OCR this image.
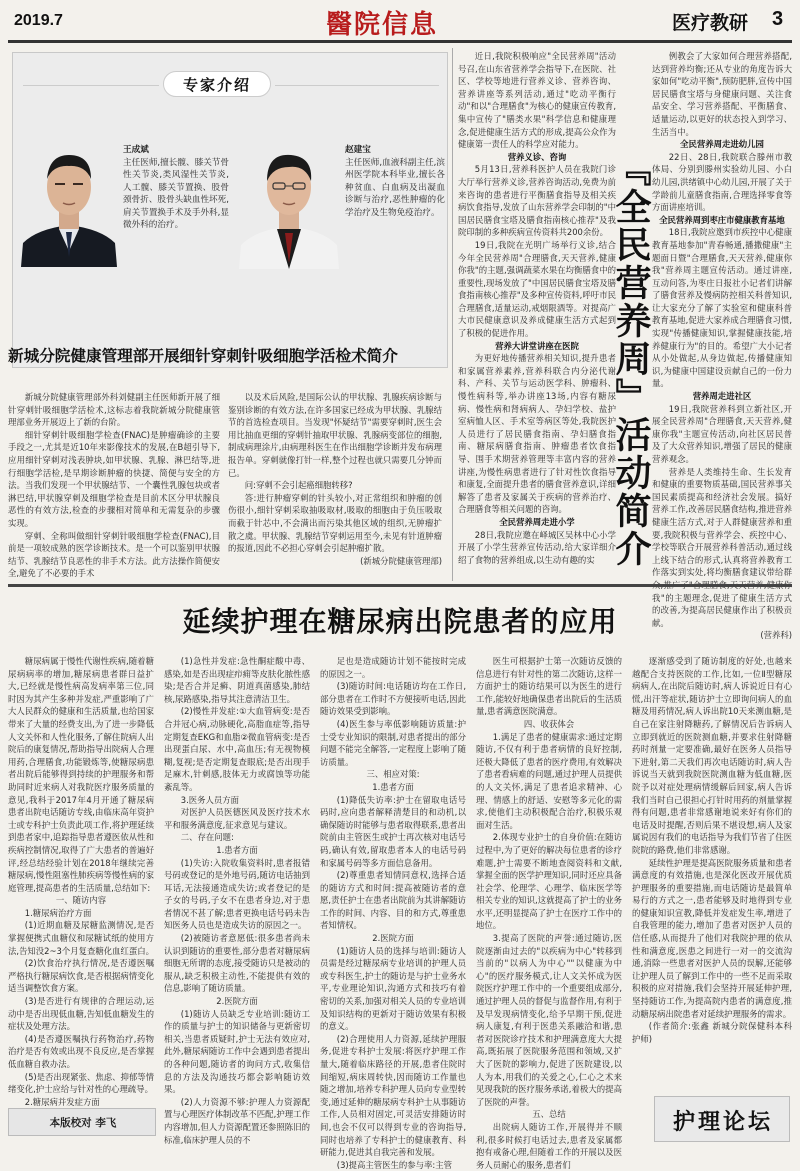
2019.7	醫院信息	医疗教研 3
专家介绍
王成斌
主任医师,擅长髋、膝关节骨性关节炎,类风湿性关节炎,人工髋、膝关节置换、股骨颈骨折、股骨头缺血性坏死,肩关节置换手术及手外科,显微外科的治疗。
赵建宝
主任医师,血液科副主任,滨州医学院本科毕业,擅长各种贫血、白血病及出凝血诊断与治疗,恶性肿瘤的化学治疗及生物免疫治疗。
新城分院健康管理部开展细针穿刺针吸细胞学活检术简介

新城分院健康管理部外科刘健副主任医师新开展了细针穿刺针吸细胞学活检术,这标志着我院新城分院健康管理部业务开展迈上了新的台阶。

细针穿刺针吸细胞学检查(FNAC)是肿瘤确诊的主要手段之一,尤其是近10年来影像技术的发展,在B超引导下,应用细针穿刺对浅表肿块,如甲状腺、乳腺、淋巴结等,进行细胞学活检,是早期诊断肿瘤的快捷、简便与安全的方法。当我们发现一个甲状腺结节、一个囊性乳腺包块或者淋巴结,甲状腺穿刺及细胞学检查是目前术区分甲状腺良恶性的有效方法,检查的步骤相对简单和无需复杂的步骤实现。

穿刺、全称叫做细针穿刺针吸细胞学检查(FNAC),目前是一项较成熟的医学诊断技术。是一个可以鉴别甲状腺结节、乳腺结节良恶性的非手术方法。此方法操作简便安全,避免了不必要的手术

以及术后风险,是国际公认的甲状腺、乳腺疾病诊断与鉴别诊断的有效方法,在许多国家已经成为甲状腺、乳腺结节的首选检查项目。当发现"怀疑结节"需要穿刺时,医生会用比抽血更细的穿刺针抽取甲状腺、乳腺病变部位的细胞,制成病理涂片,由病理科医生在作出细胞学诊断并发布病理报告单。穿刺就像打针一样,整个过程也就只需要几分钟而已。

问:穿刺不会引起癌细胞转移?

答:进行肿瘤穿刺的针头较小,对正常组织和肿瘤的创伤很小,细针穿刺采取抽吸取材,吸取的细胞由于负压吸取而截于针芯中,不会满出而污染其他区域的组织,无肿瘤扩散之虞。甲状腺、乳腺结节穿刺运用至今,未见有针道肿瘤的报道,因此不必担心穿刺会引起肿瘤扩散。

(新城分院健康管理部)

近日,我院积极响应"全民营养周"活动号召,在山东省营养学会指导下,在医院、社区、学校等地进行营养义诊、营养咨询、营养讲座等系列活动,通过"吃动平衡行动"和以"合理膳食"为核心的健康宣传教育,集中宣传了"膳类水果"科学信息和健康理念,促进健康生活方式的形成,提高公众作为健康第一责任人的科学应对能力。

营养义诊、咨询

5月13日,营养科医护人员在我院门诊大厅举行营养义诊,营养咨询活动,免费为前来咨询的患者进行平衡膳食指导及相关疾病饮食指导,发放了山东营养学会印制的"中国居民膳食宝塔及膳食指南核心推荐"及我院印制的多种疾病宣传资料共200余份。

19日,我院在光明广场举行义诊,结合今年全民营养周"合理膳食,天天营养,健康你我"的主题,强调蔬菜水果在均衡膳食中的重要性,现场发放了"中国居民膳食宝塔及膳食指南核心推荐"及多种宣传资料,呼吁市民合理膳食,适量运动,戒烟限酒等。对提高广大市民健康意识及养成健康生活方式起到了积极的促进作用。

营养大讲堂讲座在医院

为更好地传播营养相关知识,提升患者和家属营养素养,营养科联合内分泌代谢科、产科、关节与运动医学科、肿瘤科、慢性病科等,举办讲座13场,内容有糖尿病、慢性病和肾病病人、孕妇学校、盐护室病恤人区、手术室等病区等处,我院医护人员进行了居民膳食指南、孕妇膳食指南、糖尿病膳食指南、肿瘤患者饮食指导、围手术期营养管理等丰富内容的营养讲座,为慢性病患者进行了针对性饮食指导和康复,全面提升患者的膳食营养意识,详细解答了患者及家属关于疾病的营养治疗、合理膳食等相关问题的咨询。

全民营养周走进小学

28日,我院应邀在峄城区吴林中心小学开展了小学生营养宣传活动,给大家详细介绍了食物的营养组成,以生动有趣的实 『全民营养周』活动简介

例教会了大家如何合理营养搭配,达到营养均衡;还从专业的角度告诉大家如何"吃动平衡",预防肥胖,宣传中国居民膳食宝塔与身健康问题、关注食品安全、学习营养搭配、平衡膳食、适量运动,以更好的状态投入到学习、生活当中。

全民营养周走进幼儿园

22日、28日,我院联合滕州市教体局、分别到滕州实验幼儿园、小白幼儿园,洪绪镇中心幼儿园,开展了关于学龄前儿童膳食指南,合理选择零食等方面讲座培训。

全民营养周到枣庄市健康教育基地

18日,我院应邀到市疾控中心健康教育基地参加"青春畅通,播撒健康"主题面日暨"合理膳食,天天营养,健康你我"营养周主题宣传活动。通过讲座,互动问答,为枣庄日报社小记者们讲解了膳食营养及慢病防控相关科普知识,让大家充分了解了实验室和健康科普教育基地,促进大家养成合理膳食习惯,实现"传播健康知识,掌握健康技能,培养健康行为"的目的。希望广大小记者从小处做起,从身边做起,传播健康知识,为健康中国建设贡献自己的一份力量。

营养周走进社区

19日,我院营养科到立新社区,开展全民营养周"合理膳食,天天营养,健康你我"主题宣传活动,向社区居民普及了大众营养知识,增强了居民的健康营养观念。

营养是人类维持生命、生长发育和健康的重要物质基础,国民营养事关国民素质提高和经济社会发展。搞好营养工作,改善居民膳食结构,推进营养健康生活方式,对于人群健康营养和重要,我院积极与营养学会、疾控中心、学校等联合开展营养科普活动,通过线上线下结合的形式,认真将营养教育工作落实到实处,将均衡膳食建议带给群 我"的主题理念,促进了健康生活方式的改善,为提高居民健康作出了积极贡献。

(营养科)

延续护理在糖尿病出院患者的应用

糖尿病属于慢性代谢性疾病,随着糖尿病病率的增加,糖尿病患者群日益扩大,已经就是慢性病高发病率第三位,同时因为其产生多种并发症,严重影响了广大人民群众的健康和生活质量,也给国家带来了大量的经费支出,为了进一步降低人文关怀和人性化服务,了解住院病人出院后的康复情况,帮助指导出院病人合理用药,合理膳食,功能锻炼等,使糖尿病患者出院后能够得到持续的护理服务和帮助同时近来病人对我院医疗服务质量的意见,我科于2017年4月开通了糖尿病患者出院电话随访专线,由临床高年资护士或专科护士负责此项工作,将护理延续到患者家中,追踪指导患者遵医依从性和疾病控制情况,取得了广大患者的普遍好评,经总结经验计划在2018年继续完善糖尿病,慢性阻塞性肺疾病等慢性病的家庭管理,提高患者的生活质量,总结如下:

一、随访内容

1.糖尿病治疗方面

(1)近期血糖及尿糖监测情况,是否掌握便携式血糖仪和尿糖试纸的使用方法,告知没2~3个月复查糖化血红蛋白。

(2)饮食治疗执行情况,是否遵医嘱严格执行糖尿病饮食,是否根据病情变化适当调整饮食方案。

(3)是否进行有规律的合理运动,运动中是否出现低血糖,告知低血糖发生的症状及处理方法。

(4)是否遵医嘱执行药物治疗,药物治疗是否有效或出现不良反应,是否掌握低血糖自救办法。

(5)是否出现紧张、焦虑、抑郁等情绪变化,护士应给与针对性的心理疏导。

2.糖尿病并发症方面

(1)急性并发症:急性酮症酸中毒、感染,如是否出现症疖痈等皮肤化脓性感染;是否合并足癣、阴道真菌感染,肺结核,尿路感染,指导其注意清洁卫生。

(2)慢性并发症:①大血管病变:是否合并冠心病,动脉硬化,高脂血症等,指导定期复查EKG和血脂②微血管病变:是否出现蛋白尿、水中,高血压;有无视物模糊,复视;是否定期复查眼底;是否出现手足麻木,针刺感,肢体无力或腐蚀等功能紊乱等。

3.医务人员方面

对医护人员医德医风及医疗技术水平和服务满意度,征求意见与建议。

二、存在问题:

1.患者方面

(1)失访:入院收集资料时,患者报错号码或登记的是外地号码,随访电话抽到耳话,无法接通造成失访;或者登记的是子女的号码,子女不在患者身边,对于患者情况不甚了解;患者更换电话号码未告知医务人员也是造成失访的原因之一。

(2)被随访者意愿低:很多患者尚未认识到随访的重要性,部分患者对糖尿病细胞无所谓的态度,接受随访只是被动的服从,缺乏积极主动性,不能提供有效的信息,影响了随访质量。

2.医院方面

(1)随访人员缺乏专业培训:随访工作的质量与护士的知识储备与更新密切相关,当患者质疑时,护士无法有效应对,此外,糖尿病随访工作中会遇到患者提出的各种问题,随访者的询问方式,收集信息的方法及沟通技巧都会影响随访效果。

(2)人力资源不够:护理人力资源配置与心理医疗体制改革不匹配,护理工作内容增加,但人力资源配置还参照陈旧的标准,临床护理人员的不

足也是造成随访计划不能按时完成的原因之一。

(3)随访时间:电话随访均在工作日,部分患者在工作时不方便接听电话,因此随访效果受到影响。

(4)医生参与率低影响随访质量:护士受专业知识的限制,对患者提出的部分问题不能完全解答,一定程度上影响了随访质量。

三、相应对策:

1.患者方面

(1)降低失访率:护士在留取电话号码时,应向患者解释清楚目的和动机,以确保随访时能够与患者取得联系,患者出院前由主管医生或护士再次核对电话号码,确认有效,留取患者本人的电话号码和家属号码等多方面信息备用。

(2)尊重患者知情同意权,选择合适的随访方式和时间:提高被随访者的意愿,责任护士在患者出院前为其讲解随访工作的时间、内容、目的和方式,尊重患者知情权。

2.医院方面

(1)随访人员的选择与培训:随访人员需是经过糖尿病专业培训的护理人员或专科医生,护士的随访是与护士业务水平,专业理论知识,沟通方式和技巧有着密切的关系,加强对相关人员的专业培训及知识结构的更新对于随访效果有积极的意义。

(2)合理使用人力资源,延续护理服务,促进专科护士发展:将医疗护理工作量大,随着临床路径的开展,患者住院时间缩短,病床周转快,因而随访工作量也随之增加,培养专科护理人员向专业型转变,通过延伸的糖尿病专科护士从事随访工作,人员相对固定,可灵活安排随访时间,也会不仅可以得到专业的咨询指导,同时也培养了专科护士的健康教育、科研能力,促进其自我完善和发展。

(3)提高主管医生的参与率:主管

医生可根据护士第一次随访反馈的信息进行有针对性的第二次随访,这样一方面护士的随访结果可以为医生的进行工作,能较好地确保患者出院后的生活质量,患者满意医院满意。

四、收获体会

1.满足了患者的健康需求:通过定期随访,不仅有利于患者病情的良好控制,还极大降低了患者的医疗费用,有效解决了患者看病难的问题,通过护理人员提供的人文关怀,满足了患者追求精神、心理、情感上的舒适、安慰等多元化的需求,使他们主动积极配合治疗,积极乐观面对生活。

2.体现专业护士的自身价值:在随访过程中,为了更好的解决每位患者的诊疗难题,护士需要不断地查阅资料和文献,掌握全面的医学护理知识,同时还应具备社会学、伦理学、心理学、临床医学等相关专业的知识,这就提高了护士的业务水平,还明显提高了护士在医疗工作中的地位。

3.提高了医院的声誉:通过随访,医院逐渐由过去的"以疾病为中心"转移到当前的"以病人为中心""以健康为中心"的医疗服务模式,让人文关怀成为医院医疗护理工作中的一个重要组成部分,通过护理人员的督促与监督作用,有利于及早发现病情变化,给予早期干预,促进病人康复,有利于医患关系融洽和谐,患者对医院诊疗技术和护理满意度大大提高,既拓展了医院服务范围和领域,又扩大了医院的影响力,促进了医院建设,以人为本,用我们的关爱之心,仁心之术来见现我院的医疗服务承诺,着极大的提高了医院的声誉。

五、总结

出院病人随访工作,开展得并不顺利,很多时候打电话过去,患者及家属都抱有戒备心理,但随着工作的开展以及医务人员耐心的服务,患者们

逐渐感受到了随访制度的好处,也越来越配合支持医院的工作,比如,一位Ⅱ型糖尿病病人,在出院后随访时,病人诉说近日有心慌,出汗等症状,随访护士立即询问病人的血糖及用药情况,病人诉出院10天来测血糖,是自己在家注射降糖药,了解情况后告诉病人立即到就近的医院测血糖,并要求住射降糖药时剂量一定要准确,最好在医务人员指导下进射,第二天我们再次电话随访时,病人告诉说当天就到我院医院测血糖为低血糖,医院予以对症处理病情缓解后回家,病人告诉我们当时自己很担心打针时用药的剂量掌握得有问题,患者非常感谢地说来好有你们的电话及时提醒,否则后果不堪设想,病人及家属说因有我们的电话指导为我们节省了住医院院的路费,他们非常感谢。

延续性护理是提高医院服务质量和患者满意度的有效措施,也是深化医改开展优质护理服务的重要措施,而电话随访是最简单易行的方式之一,患者能够及时地得到专业的健康知识宣教,降低并发症发生率,增进了自我管理的能力,增加了患者对医护人员的信任感,从而提升了他们对我院护理的依从性和满意度,医患之间进行一对一的交流沟通,消除一些患者对医护人员的误解,还能够让护理人员了解到工作中的一些不足而采取积极的应对措施,我们会坚持开展延伸护理,坚持随访工作,为提高院内患者的满意度,推动糖尿病出院患者对延续护理服务的需求。

(作者简介:张鑫 新城分院保健科本科 护师)

本版校对 李飞	护理论坛
